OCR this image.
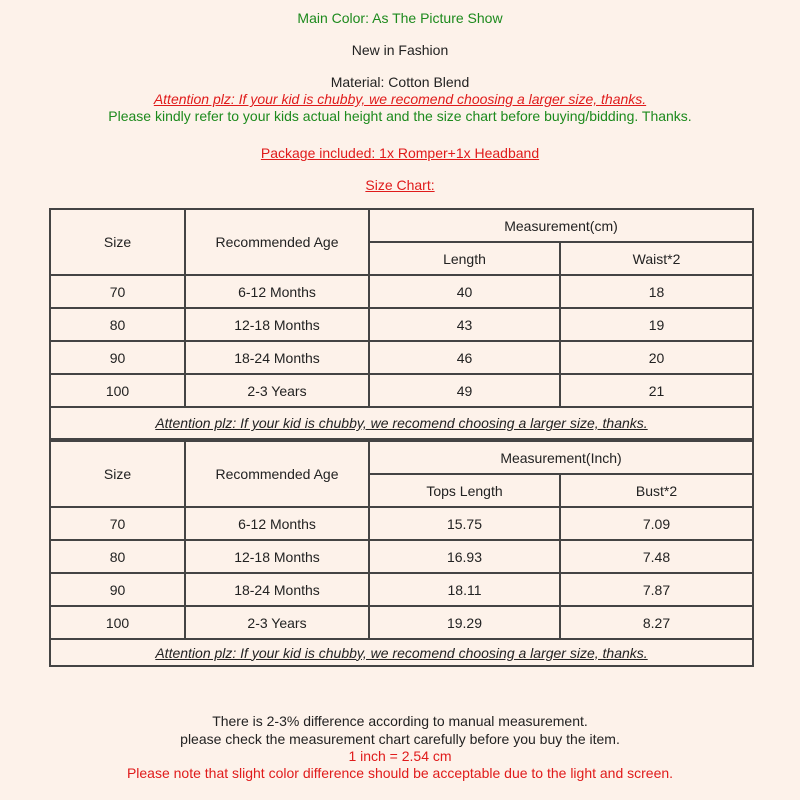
Main Color: As The Picture Show
New in Fashion
Material: Cotton Blend
Attention plz: If your kid is chubby, we recomend choosing a larger size, thanks.
Please kindly refer to your kids actual height and the size chart before buying/bidding. Thanks.
Package included: 1x Romper+1x Headband
Size Chart:
Size	Recommended Age	Measurement(cm)	
		Length	Waist*2
70	6-12 Months	40	18
80	12-18 Months	43	19
90	18-24 Months	46	20
100	2-3 Years	49	21
Attention plz: If your kid is chubby, we recomend choosing a larger size, thanks.			
Size	Recommended Age	Measurement(Inch)	
		Tops Length	Bust*2
70	6-12 Months	15.75	7.09
80	12-18 Months	16.93	7.48
90	18-24 Months	18.11	7.87
100	2-3 Years	19.29	8.27
Attention plz: If your kid is chubby, we recomend choosing a larger size, thanks.			
There is 2-3% difference according to manual measurement.
please check the measurement chart carefully before you buy the item.
1 inch = 2.54 cm
Please note that slight color difference should be acceptable due to the light and screen.
